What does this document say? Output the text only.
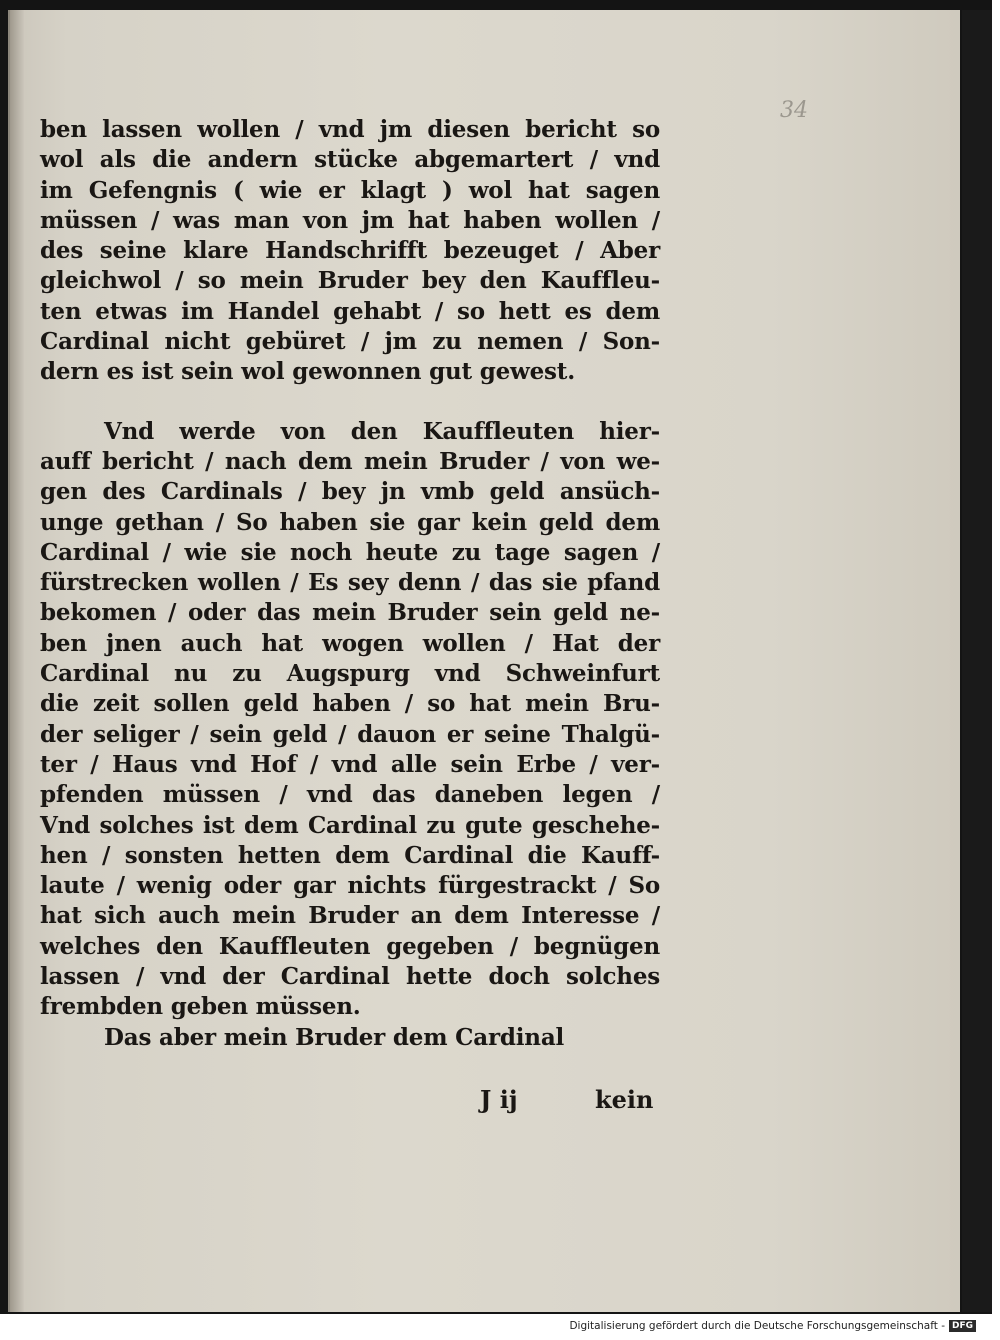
34
ben lassen wollen / vnd jm diesen bericht so
wol als die andern stücke abgemartert / vnd
im Gefengnis ( wie er klagt ) wol hat sagen
müssen / was man von jm hat haben wollen /
des seine klare Handschrifft bezeuget / Aber
gleichwol / so mein Bruder bey den Kauffleu-
ten etwas im Handel gehabt / so hett es dem
Cardinal nicht gebüret / jm zu nemen / Son-
dern es ist sein wol gewonnen gut gewest.
Vnd werde von den Kauffleuten hier-
auff bericht / nach dem mein Bruder / von we-
gen des Cardinals / bey jn vmb geld ansüch-
unge gethan / So haben sie gar kein geld dem
Cardinal / wie sie noch heute zu tage sagen /
fürstrecken wollen / Es sey denn / das sie pfand
bekomen / oder das mein Bruder sein geld ne-
ben jnen auch hat wogen wollen / Hat der
Cardinal nu zu Augspurg vnd Schweinfurt
die zeit sollen geld haben / so hat mein Bru-
der seliger / sein geld / dauon er seine Thalgü-
ter / Haus vnd Hof / vnd alle sein Erbe / ver-
pfenden müssen / vnd das daneben legen /
Vnd solches ist dem Cardinal zu gute geschehe-
hen / sonsten hetten dem Cardinal die Kauff-
laute / wenig oder gar nichts fürgestrackt / So
hat sich auch mein Bruder an dem Interesse /
welches den Kauffleuten gegeben / begnügen
lassen / vnd der Cardinal hette doch solches
frembden geben müssen.
Das aber mein Bruder dem Cardinal
J ij	kein
Digitalisierung gefördert durch die Deutsche Forschungsgemeinschaft - DFG
